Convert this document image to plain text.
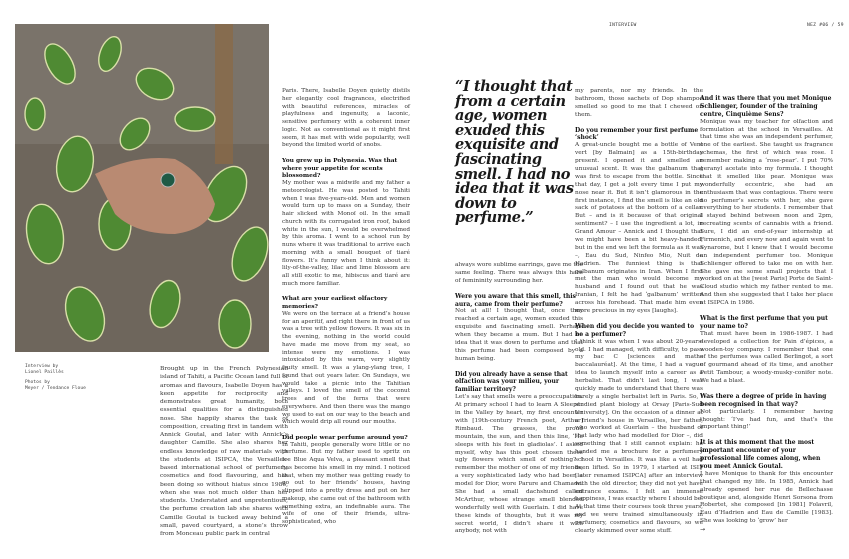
INTERVIEW	NEZ #06 / 59
Interview by
Lionel Paillès
Photos by
Meyer / Tendance Floue

Brought up in the French Polynesian island of Tahiti, a Pacific Ocean land full of aromas and flavours, Isabelle Doyen has a keen appetite for reciprocity and demonstrates great humanity, both essential qualities for a distinguished nose. She happily shares the task of composition, creating first in tandem with Annick Goutal, and later with Annick’s daughter Camille. She also shares her endless knowledge of raw materials with the students at ISIPCA, the Versailles-based international school of perfumery, cosmetics and food flavouring, and has been doing so without hiatus since 1986, when she was not much older than her students. Understated and unpretentious, the perfume creation lab she shares with Camille Goutal is tucked away behind a small, paved courtyard, a stone’s throw from Monceau public park in central

Paris. There, Isabelle Doyen quietly distils her elegantly cool fragrances, electrified with beautiful references, miracles of playfulness and ingenuity, a laconic, sensitive perfumery with a coherent inner logic. Not as conventional as it might first seem, it has met with wide popularity, well beyond the limited world of snobs.

You grew up in Polynesia. Was that where your appetite for scents blossomed?

My mother was a midwife and my father a meteorologist. He was posted to Tahiti when I was five-years-old. Men and women would turn up to mass on a Sunday, their hair slicked with Monoï oil. In the small church with its corrugated iron roof, baked white in the sun, I would be overwhelmed by this aroma. I went to a school run by nuns where it was traditional to arrive each morning with a small bouquet of tiaré flowers. It’s funny when I think about it: lily-of-the-valley, lilac and lime blossom are all still exotic to me, hibiscus and tiaré are much more familiar.

What are your earliest olfactory memories?

We were on the terrace at a friend’s house for an aperitif, and right there in front of us was a tree with yellow flowers. It was six in the evening, nothing in the world could have made me move from my seat, so intense were my emotions. I was intoxicated by this warm, very slightly fruity smell. It was a ylang-ylang tree, I found that out years later. On Sundays, we would take a picnic into the Tahitian valleys. I loved the smell of the coconut trees and of the ferns that were everywhere. And then there was the mango we used to eat on our way to the beach and which would drip all round our mouths.

Did people wear perfume around you?

In Tahiti, people generally wore little or no perfume. But my father used to spritz on Ice Blue Aqua Velva, a pleasant smell that has become his smell in my mind. I noticed that, when my mother was getting ready to go out to her friends’ houses, having slipped into a pretty dress and put on her makeup, she came out of the bathroom with something extra, an indefinable aura. The wife of one of their friends, ultra-sophisticated, who

“I thought that from a certain age, women exuded this exquisite and fascinating smell. I had no idea that it was down to perfume.”

always wore sublime earrings, gave me the same feeling. There was always this haze of femininity surrounding her.

Were you aware that this smell, this aura, came from their perfume?

Not at all! I thought that, once they reached a certain age, women exuded this exquisite and fascinating smell. Perhaps when they became a mum. But I had no idea that it was down to perfume and that this perfume had been composed by a human being.

Did you already have a sense that olfaction was your milieu, your familiar territory?

Let’s say that smells were a preoccupation. At primary school I had to learn A Sleeper in the Valley by heart, my first encounter with [19th-century French poet, Arthur] Rimbaud. The grasses, the proud mountain, the sun, and then this line, ‘He sleeps with his feet in gladiolas’. I asked myself, why has this poet chosen these ugly flowers which smell of nothing? I remember the mother of one of my friends, a very sophisticated lady who had been a model for Dior, wore Parure and Chamade. She had a small dachshund called McArthur, whose strange smell blended wonderfully well with Guerlain. I did have these kinds of thoughts, but it was my secret world, I didn’t share it with anybody, not with

my parents, nor my friends. In the bathroom, those sachets of Dop shampoo smelled so good to me that I chewed on them.

Do you remember your first perfume ‘shock’

A great-uncle bought me a bottle of Vent vert [by Balmain] as a 15th-birthday present. I opened it and smelled an unusual scent. It was the galbanum that was first to escape from the bottle. Since that day, I get a jolt every time I put my nose near it. But it isn’t glamorous in the first instance, I find the smell is like an old sack of potatoes at the bottom of a cellar. But – and is it because of that original sentiment? – I use the ingredient a lot, in Grand Amour – Annick and I thought that we might have been a bit heavy-handed, but in the end we left the formula as it was –, Eau du Sud, Ninfeo Mio, Nuit de Hadrien. The funniest thing is that galbanum originates in Iran. When I first met the man who would become my husband and I found out that he was Iranian, I felt he had ‘galbanum’ written across his forehead. That made him even more precious in my eyes [laughs].

When did you decide you wanted to be a perfumer?

I think it was when I was about 20-years-old. I had managed, with difficulty, to pass my bac C [sciences and maths baccalauréat]. At the time, I had a vague idea to launch myself into a career as a herbalist. That didn’t last long, I was quickly made to understand that there was barely a single herbalist left in Paris. So, I studied plant biology at Orsay [Paris-Sud University]. On the occasion of a dinner at a friend’s house in Versailles, her father, who worked at Guerlain – the husband of that lady who had modelled for Dior –, did something that I still cannot explain: he handed me a brochure for a perfumery school in Versailles. It was like a veil had been lifted. So in 1979, I started at ISIP [later renamed ISIPCA] after an interview with the old director, they did not yet have entrance exams. I felt an immense happiness, I was exactly where I should be. At that time their courses took three years, and we were trained simultaneously in perfumery, cosmetics and flavours, so we clearly skimmed over some stuff.

And it was there that you met Monique Schlienger, founder of the training centre, Cinquième Sens?

Monique was my teacher for olfaction and formulation at the school in Versailles. At that time she was an independent perfumer, one of the earliest. She taught us fragrance schemas, the first of which was rose. I remember making a ‘rose-pear’. I put 70% geranyl acetate into my formula. I thought that it smelled like pear. Monique was wonderfully eccentric, she had an enthusiasm that was contagious. There were no perfumer’s secrets with her, she gave everything to her students. I remember that I stayed behind between noon and 2pm, recreating scents of cannabis with a friend. Sure, I did an end-of-year internship at Firmenich, and every now and again went to Synarome, but I knew that I would become an independent perfumer too. Monique Schlienger offered to take me on with her. She gave me some small projects that I worked on at the [west Paris] Porte de Saint-Cloud studio which my father rented to me. And then she suggested that I take her place at ISIPCA in 1986.

What is the first perfume that you put your name to?

That must have been in 1986-1987. I had developed a collection for Pain d’épices, a wooden-toy company. I remember that one of the perfumes was called Berlingot, a sort of gourmand ahead of its time, and another Petit Tambour, a woody-musky-conifer note. We had a blast.

Was there a degree of pride in having been recognised in that way?

Not particularly. I remember having thought: ‘I’ve had fun, and that’s the important thing!’

It is at this moment that the most important encounter of your professional life comes along, when you meet Annick Goutal.

I have Monique to thank for this encounter that changed my life. In 1985, Annick had already opened her rue de Bellechasse boutique and, alongside Henri Sorsona from Robertet, she composed [in 1981] Folavril, Eau d’Hadrien and Eau de Camille [1983]. She was looking to ‘grow’ her

→
